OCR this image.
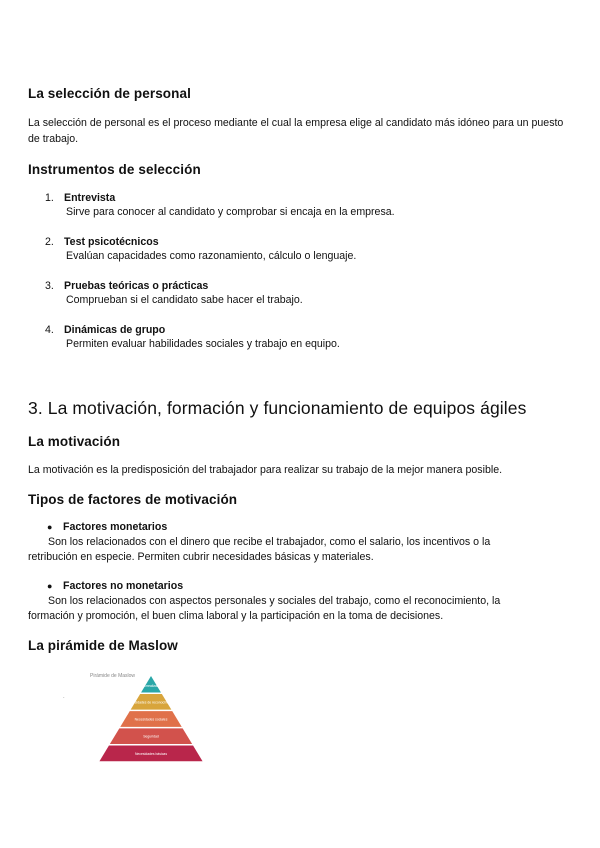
La selección de personal

La selección de personal es el proceso mediante el cual la empresa elige al candidato más idóneo para un puesto de trabajo.

Instrumentos de selección
1. Entrevista
Sirve para conocer al candidato y comprobar si encaja en la empresa.
2. Test psicotécnicos
Evalúan capacidades como razonamiento, cálculo o lenguaje.
3. Pruebas teóricas o prácticas
Comprueban si el candidato sabe hacer el trabajo.
4. Dinámicas de grupo
Permiten evaluar habilidades sociales y trabajo en equipo.
3. La motivación, formación y funcionamiento de equipos ágiles
La motivación

La motivación es la predisposición del trabajador para realizar su trabajo de la mejor manera posible.

Tipos de factores de motivación
● Factores monetarios
Son los relacionados con el dinero que recibe el trabajador, como el salario, los incentivos o la
retribución en especie. Permiten cubrir necesidades básicas y materiales.
● Factores no monetarios
Son los relacionados con aspectos personales y sociales del trabajo, como el reconocimiento, la
formación y promoción, el buen clima laboral y la participación en la toma de decisiones.
La pirámide de Maslow
Pirámide de Maslow
.
Autorrealización
Necesidades de reconocimiento
Necesidades sociales
Seguridad
Necesidades básicas
